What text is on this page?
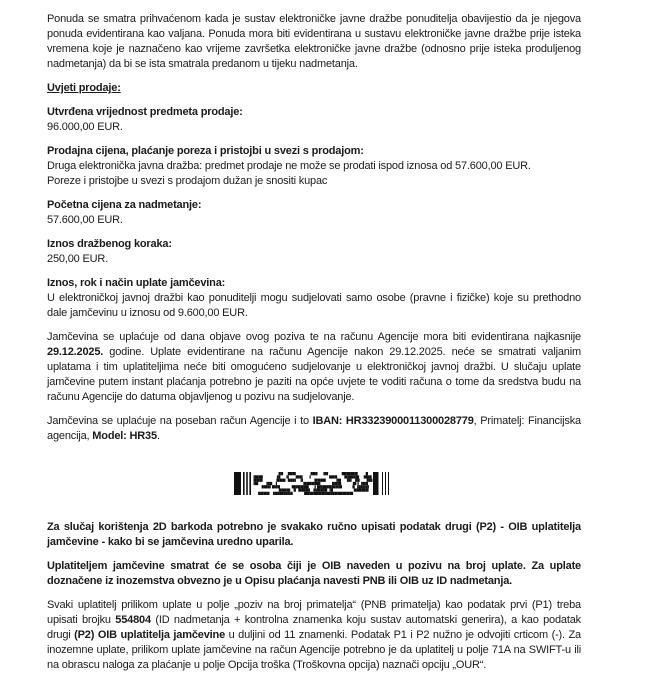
Ponuda se smatra prihvaćenom kada je sustav elektroničke javne dražbe ponuditelja obavijestio da je njegova ponuda evidentirana kao valjana. Ponuda mora biti evidentirana u sustavu elektroničke javne dražbe prije isteka vremena koje je naznačeno kao vrijeme završetka elektroničke javne dražbe (odnosno prije isteka produljenog nadmetanja) da bi se ista smatrala predanom u tijeku nadmetanja.

Uvjeti prodaje:
Utvrđena vrijednost predmeta prodaje:
96.000,00 EUR.
Prodajna cijena, plaćanje poreza i pristojbi u svezi s prodajom:
Druga elektronička javna dražba: predmet prodaje ne može se prodati ispod iznosa od 57.600,00 EUR.
Poreze i pristojbe u svezi s prodajom dužan je snositi kupac
Početna cijena za nadmetanje:
57.600,00 EUR.
Iznos dražbenog koraka:
250,00 EUR.
Iznos, rok i način uplate jamčevina:
U elektroničkoj javnoj dražbi kao ponuditelji mogu sudjelovati samo osobe (pravne i fizičke) koje su prethodno dale jamčevinu u iznosu od 9.600,00 EUR.

Jamčevina se uplaćuje od dana objave ovog poziva te na računu Agencije mora biti evidentirana najkasnije 29.12.2025. godine. Uplate evidentirane na računu Agencije nakon 29.12.2025. neće se smatrati valjanim uplatama i tim uplatiteljima neće biti omogućeno sudjelovanje u elektroničkoj javnoj dražbi. U slučaju uplate jamčevine putem instant plaćanja potrebno je paziti na opće uvjete te voditi računa o tome da sredstva budu na računu Agencije do datuma objavljenog u pozivu na sudjelovanje.

Jamčevina se uplaćuje na poseban račun Agencije i to IBAN: HR3323900011300028779, Primatelj: Financijska agencija, Model: HR35.

Za slučaj korištenja 2D barkoda potrebno je svakako ručno upisati podatak drugi (P2) - OIB uplatitelja jamčevine - kako bi se jamčevina uredno uparila.

Uplatiteljem jamčevine smatrat će se osoba čiji je OIB naveden u pozivu na broj uplate. Za uplate doznačene iz inozemstva obvezno je u Opisu plaćanja navesti PNB ili OIB uz ID nadmetanja.

Svaki uplatitelj prilikom uplate u polje „poziv na broj primatelja“ (PNB primatelja) kao podatak prvi (P1) treba upisati brojku 554804 (ID nadmetanja + kontrolna znamenka koju sustav automatski generira), a kao podatak drugi (P2) OIB uplatitelja jamčevine u duljini od 11 znamenki. Podatak P1 i P2 nužno je odvojiti crticom (-). Za inozemne uplate, prilikom uplate jamčevine na račun Agencije potrebno je da uplatitelj u polje 71A na SWIFT-u ili na obrascu naloga za plaćanje u polje Opcija troška (Troškovna opcija) naznači opciju „OUR“.
